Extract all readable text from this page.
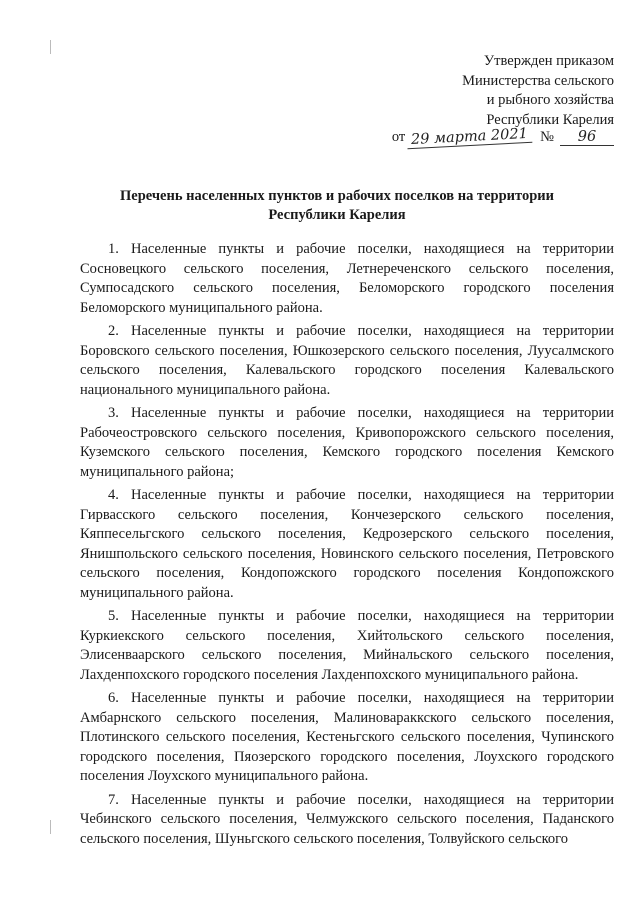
Утвержден приказом
Министерства сельского
и рыбного хозяйства
Республики Карелия
от 29 марта 2021 № 96
Перечень населенных пунктов и рабочих поселков на территории
Республики Карелия

1. Населенные пункты и рабочие поселки, находящиеся на территории Сосновецкого сельского поселения, Летнереченского сельского поселения, Сумпосадского сельского поселения, Беломорского городского поселения Беломорского муниципального района.

2. Населенные пункты и рабочие поселки, находящиеся на территории Боровского сельского поселения, Юшкозерского сельского поселения, Луусалмского сельского поселения, Калевальского городского поселения Калевальского национального муниципального района.

3. Населенные пункты и рабочие поселки, находящиеся на территории Рабочеостровского сельского поселения, Кривопорожского сельского поселения, Куземского сельского поселения, Кемского городского поселения Кемского муниципального района;

4. Населенные пункты и рабочие поселки, находящиеся на территории Гирвасского сельского поселения, Кончезерского сельского поселения, Кяппесельгского сельского поселения, Кедрозерского сельского поселения, Янишпольского сельского поселения, Новинского сельского поселения, Петровского сельского поселения, Кондопожского городского поселения Кондопожского муниципального района.

5. Населенные пункты и рабочие поселки, находящиеся на территории Куркиекского сельского поселения, Хийтольского сельского поселения, Элисенваарского сельского поселения, Мийнальского сельского поселения, Лахденпохского городского поселения Лахденпохского муниципального района.

6. Населенные пункты и рабочие поселки, находящиеся на территории Амбарнского сельского поселения, Малиновараккского сельского поселения, Плотинского сельского поселения, Кестеньгского сельского поселения, Чупинского городского поселения, Пяозерского городского поселения, Лоухского городского поселения Лоухского муниципального района.

7. Населенные пункты и рабочие поселки, находящиеся на территории Чебинского сельского поселения, Челмужского сельского поселения, Паданского сельского поселения, Шуньгского сельского поселения, Толвуйского сельского
